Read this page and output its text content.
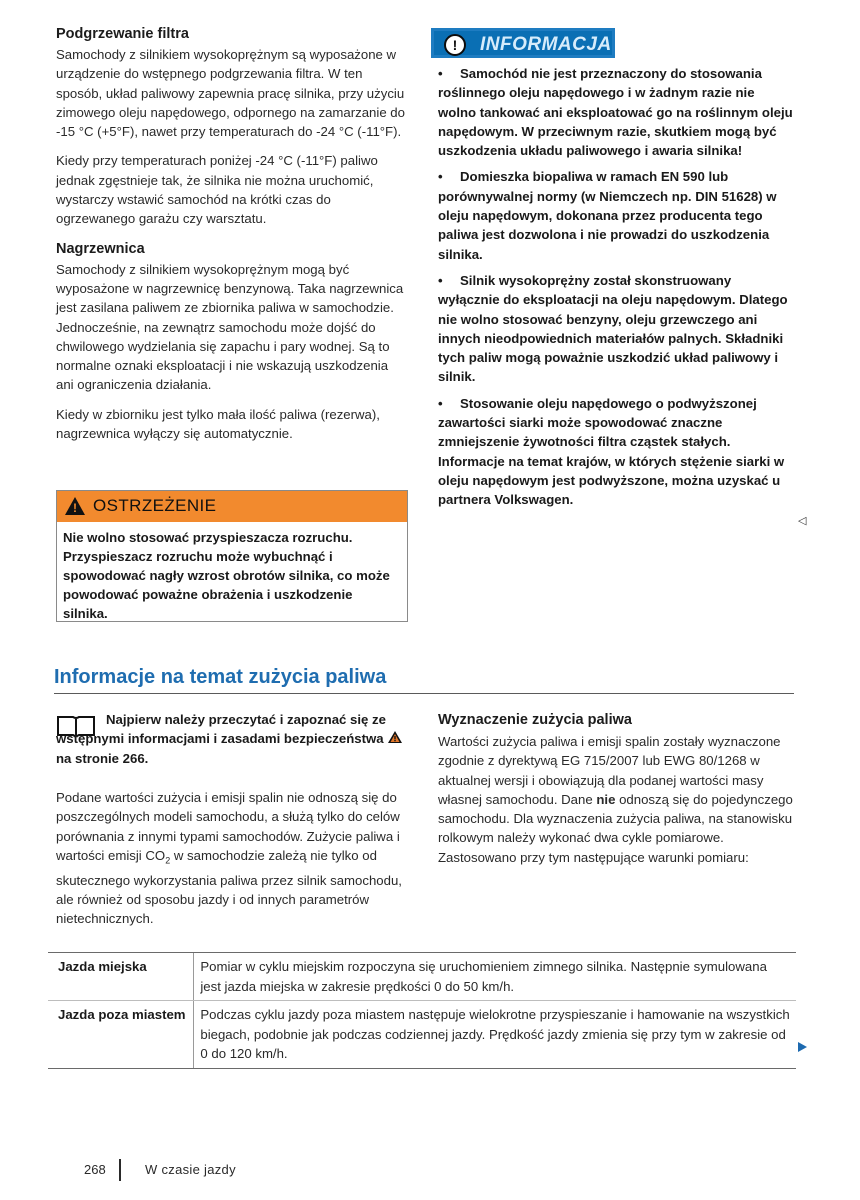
Podgrzewanie filtra

Samochody z silnikiem wysokoprężnym są wyposażone w urządzenie do wstępnego podgrzewania filtra. W ten sposób, układ paliwowy zapewnia pracę silnika, przy użyciu zimowego oleju napędowego, odpornego na zamarzanie do -15 °C (+5°F), nawet przy temperaturach do -24 °C (-11°F).

Kiedy przy temperaturach poniżej -24 °C (-11°F) paliwo jednak zgęstnieje tak, że silnika nie można uruchomić, wystarczy wstawić samochód na krótki czas do ogrzewanego garażu czy warsztatu.

Nagrzewnica

Samochody z silnikiem wysokoprężnym mogą być wyposażone w nagrzewnicę benzynową. Taka nagrzewnica jest zasilana paliwem ze zbiornika paliwa w samochodzie. Jednocześnie, na zewnątrz samochodu może dojść do chwilowego wydzielania się zapachu i pary wodnej. Są to normalne oznaki eksploatacji i nie wskazują uszkodzenia ani ograniczenia działania.

Kiedy w zbiorniku jest tylko mała ilość paliwa (rezerwa), nagrzewnica wyłączy się automatycznie.

! OSTRZEŻENIE
Nie wolno stosować przyspieszacza rozruchu. Przyspieszacz rozruchu może wybuchnąć i spowodować nagły wzrost obrotów silnika, co może powodować poważne obrażenia i uszkodzenie silnika.
!	INFORMACJA
• Samochód nie jest przeznaczony do stosowania roślinnego oleju napędowego i w żadnym razie nie wolno tankować ani eksploatować go na roślinnym oleju napędowym. W przeciwnym razie, skutkiem mogą być uszkodzenia układu paliwowego i awaria silnika!
• Domieszka biopaliwa w ramach EN 590 lub porównywalnej normy (w Niemczech np. DIN 51628) w oleju napędowym, dokonana przez producenta tego paliwa jest dozwolona i nie prowadzi do uszkodzenia silnika.
• Silnik wysokoprężny został skonstruowany wyłącznie do eksploatacji na oleju napędowym. Dlatego nie wolno stosować benzyny, oleju grzewczego ani innych nieodpowiednich materiałów palnych. Składniki tych paliw mogą poważnie uszkodzić układ paliwowy i silnik.
• Stosowanie oleju napędowego o podwyższonej zawartości siarki może spowodować znaczne zmniejszenie żywotności filtra cząstek stałych. Informacje na temat krajów, w których stężenie siarki w oleju napędowym jest podwyższone, można uzyskać u partnera Volkswagen.
◁
Informacje na temat zużycia paliwa
Najpierw należy przeczytać i zapoznać się ze wstępnymi informacjami i zasadami bezpieczeństwa  na stronie 266.
Podane wartości zużycia i emisji spalin nie odnoszą się do poszczególnych modeli samochodu, a służą tylko do celów porównania z innymi typami samochodów. Zużycie paliwa i wartości emisji $CO_2$ w samochodzie zależą nie tylko od skutecznego wykorzystania paliwa przez silnik samochodu, ale również od sposobu jazdy i od innych parametrów nietechnicznych.

Wyznaczenie zużycia paliwa

Wartości zużycia paliwa i emisji spalin zostały wyznaczone zgodnie z dyrektywą EG 715/2007 lub EWG 80/1268 w aktualnej wersji i obowiązują dla podanej wartości masy własnej samochodu. Dane nie odnoszą się do pojedynczego samochodu. Dla wyznaczenia zużycia paliwa, na stanowisku rolkowym należy wykonać dwa cykle pomiarowe. Zastosowano przy tym następujące warunki pomiaru:
Jazda miejska	Pomiar w cyklu miejskim rozpoczyna się uruchomieniem zimnego silnika. Następnie symulowana jest jazda miejska w zakresie prędkości 0 do 50 km/h.
Jazda poza miastem	Podczas cyklu jazdy poza miastem następuje wielokrotne przyspieszanie i hamowanie na wszystkich biegach, podobnie jak podczas codziennej jazdy. Prędkość jazdy zmienia się przy tym w zakresie od 0 do 120 km/h.
268	W czasie jazdy
